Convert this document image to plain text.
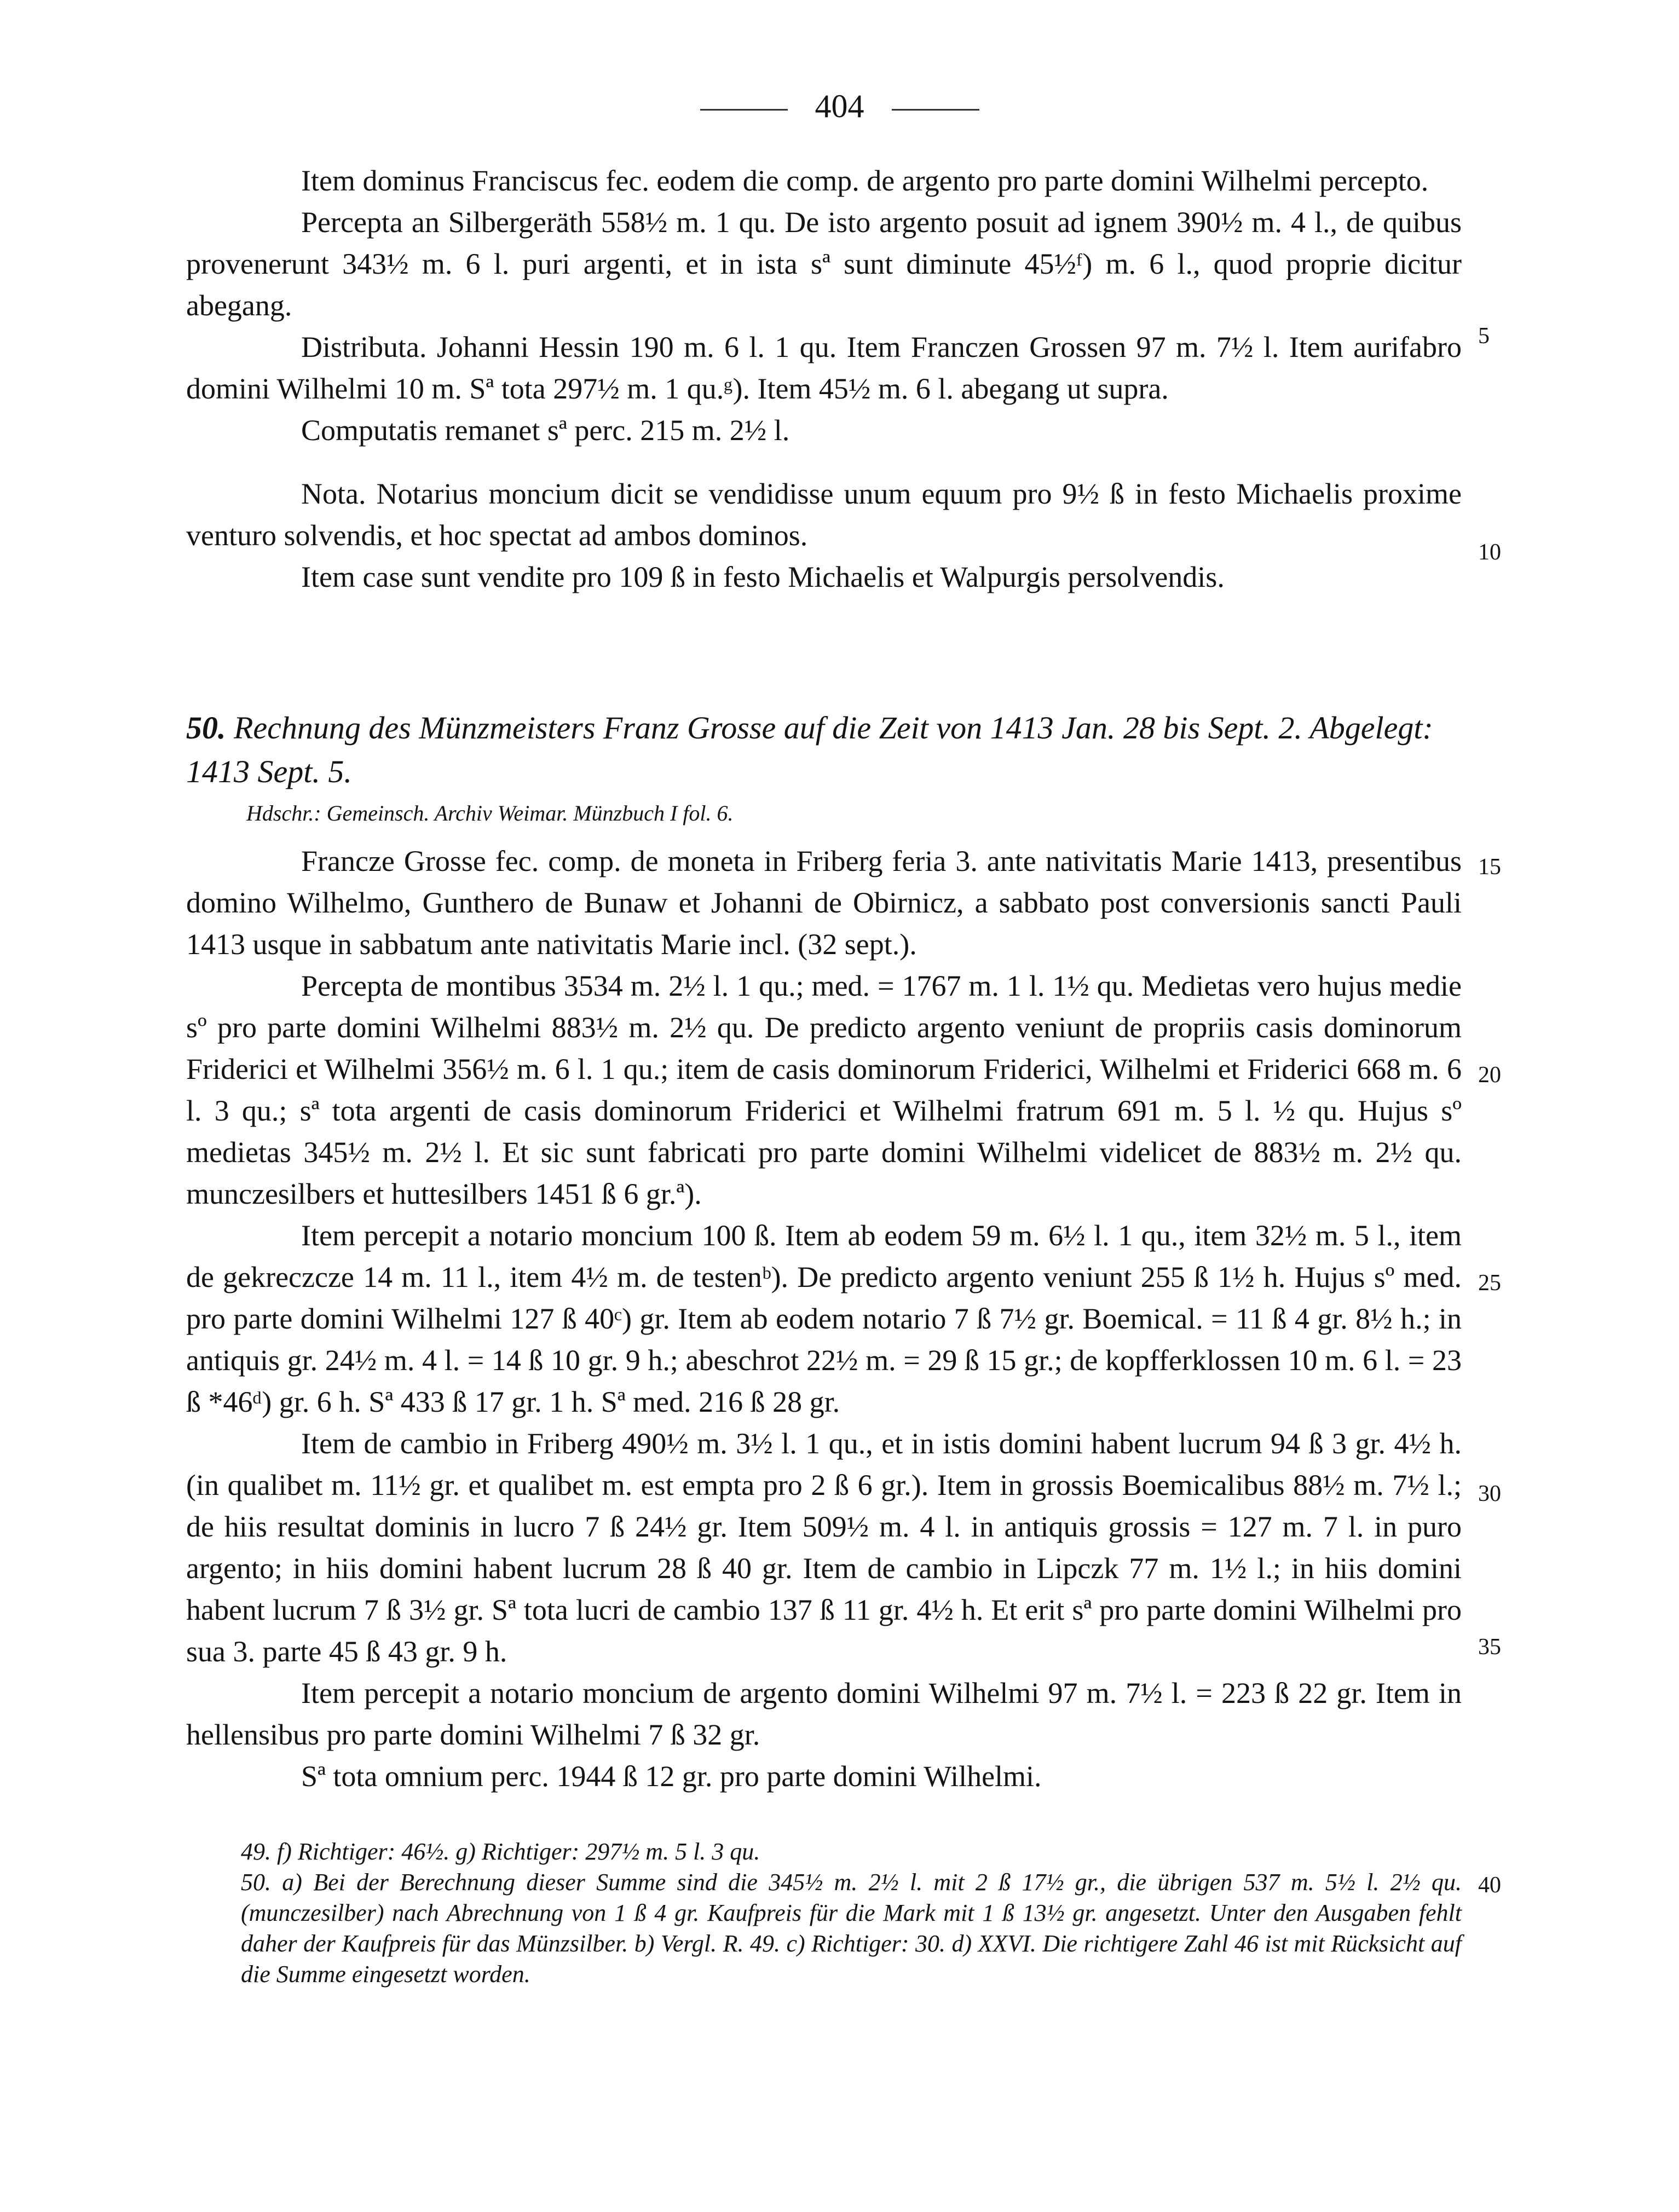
404
Item dominus Franciscus fec. eodem die comp. de argento pro parte domini Wilhelmi percepto.
Percepta an Silbergeräth 558½ m. 1 qu. De isto argento posuit ad ignem 390½ m. 4 l., de quibus provenerunt 343½ m. 6 l. puri argenti, et in ista sª sunt diminute 45½ᶠ) m. 6 l., quod proprie dicitur abegang.
Distributa. Johanni Hessin 190 m. 6 l. 1 qu. Item Franczen Grossen 97 m. 7½ l. Item aurifabro domini Wilhelmi 10 m. Sª tota 297½ m. 1 qu.ᵍ). Item 45½ m. 6 l. abegang ut supra.
Computatis remanet sª perc. 215 m. 2½ l.
Nota. Notarius moncium dicit se vendidisse unum equum pro 9½ ß in festo Michaelis proxime venturo solvendis, et hoc spectat ad ambos dominos.
Item case sunt vendite pro 109 ß in festo Michaelis et Walpurgis persolvendis.
50. Rechnung des Münzmeisters Franz Grosse auf die Zeit von 1413 Jan. 28 bis Sept. 2. Abgelegt: 1413 Sept. 5.
Hdschr.: Gemeinsch. Archiv Weimar. Münzbuch I fol. 6.
Francze Grosse fec. comp. de moneta in Friberg feria 3. ante nativitatis Marie 1413, presentibus domino Wilhelmo, Gunthero de Bunaw et Johanni de Obirnicz, a sabbato post conversionis sancti Pauli 1413 usque in sabbatum ante nativitatis Marie incl. (32 sept.).
Percepta de montibus 3534 m. 2½ l. 1 qu.; med. = 1767 m. 1 l. 1½ qu. Medietas vero hujus medie sº pro parte domini Wilhelmi 883½ m. 2½ qu. De predicto argento veniunt de propriis casis dominorum Friderici et Wilhelmi 356½ m. 6 l. 1 qu.; item de casis dominorum Friderici, Wilhelmi et Friderici 668 m. 6 l. 3 qu.; sª tota argenti de casis dominorum Friderici et Wilhelmi fratrum 691 m. 5 l. ½ qu. Hujus sº medietas 345½ m. 2½ l. Et sic sunt fabricati pro parte domini Wilhelmi videlicet de 883½ m. 2½ qu. munczesilbers et huttesilbers 1451 ß 6 gr.ª).
Item percepit a notario moncium 100 ß. Item ab eodem 59 m. 6½ l. 1 qu., item 32½ m. 5 l., item de gekreczcze 14 m. 11 l., item 4½ m. de testenᵇ). De predicto argento veniunt 255 ß 1½ h. Hujus sº med. pro parte domini Wilhelmi 127 ß 40ᶜ) gr. Item ab eodem notario 7 ß 7½ gr. Boemical. = 11 ß 4 gr. 8½ h.; in antiquis gr. 24½ m. 4 l. = 14 ß 10 gr. 9 h.; abeschrot 22½ m. = 29 ß 15 gr.; de kopfferklossen 10 m. 6 l. = 23 ß *46ᵈ) gr. 6 h. Sª 433 ß 17 gr. 1 h. Sª med. 216 ß 28 gr.
Item de cambio in Friberg 490½ m. 3½ l. 1 qu., et in istis domini habent lucrum 94 ß 3 gr. 4½ h. (in qualibet m. 11½ gr. et qualibet m. est empta pro 2 ß 6 gr.). Item in grossis Boemicalibus 88½ m. 7½ l.; de hiis resultat dominis in lucro 7 ß 24½ gr. Item 509½ m. 4 l. in antiquis grossis = 127 m. 7 l. in puro argento; in hiis domini habent lucrum 28 ß 40 gr. Item de cambio in Lipczk 77 m. 1½ l.; in hiis domini habent lucrum 7 ß 3½ gr. Sª tota lucri de cambio 137 ß 11 gr. 4½ h. Et erit sª pro parte domini Wilhelmi pro sua 3. parte 45 ß 43 gr. 9 h.
Item percepit a notario moncium de argento domini Wilhelmi 97 m. 7½ l. = 223 ß 22 gr. Item in hellensibus pro parte domini Wilhelmi 7 ß 32 gr.
Sª tota omnium perc. 1944 ß 12 gr. pro parte domini Wilhelmi.
5
10
15
20
25
30
35
40
49. f) Richtiger: 46½. g) Richtiger: 297½ m. 5 l. 3 qu.
50. a) Bei der Berechnung dieser Summe sind die 345½ m. 2½ l. mit 2 ß 17½ gr., die übrigen 537 m. 5½ l. 2½ qu. (munczesilber) nach Abrechnung von 1 ß 4 gr. Kaufpreis für die Mark mit 1 ß 13½ gr. angesetzt. Unter den Ausgaben fehlt daher der Kaufpreis für das Münzsilber. b) Vergl. R. 49. c) Richtiger: 30. d) XXVI. Die richtigere Zahl 46 ist mit Rücksicht auf die Summe eingesetzt worden.
